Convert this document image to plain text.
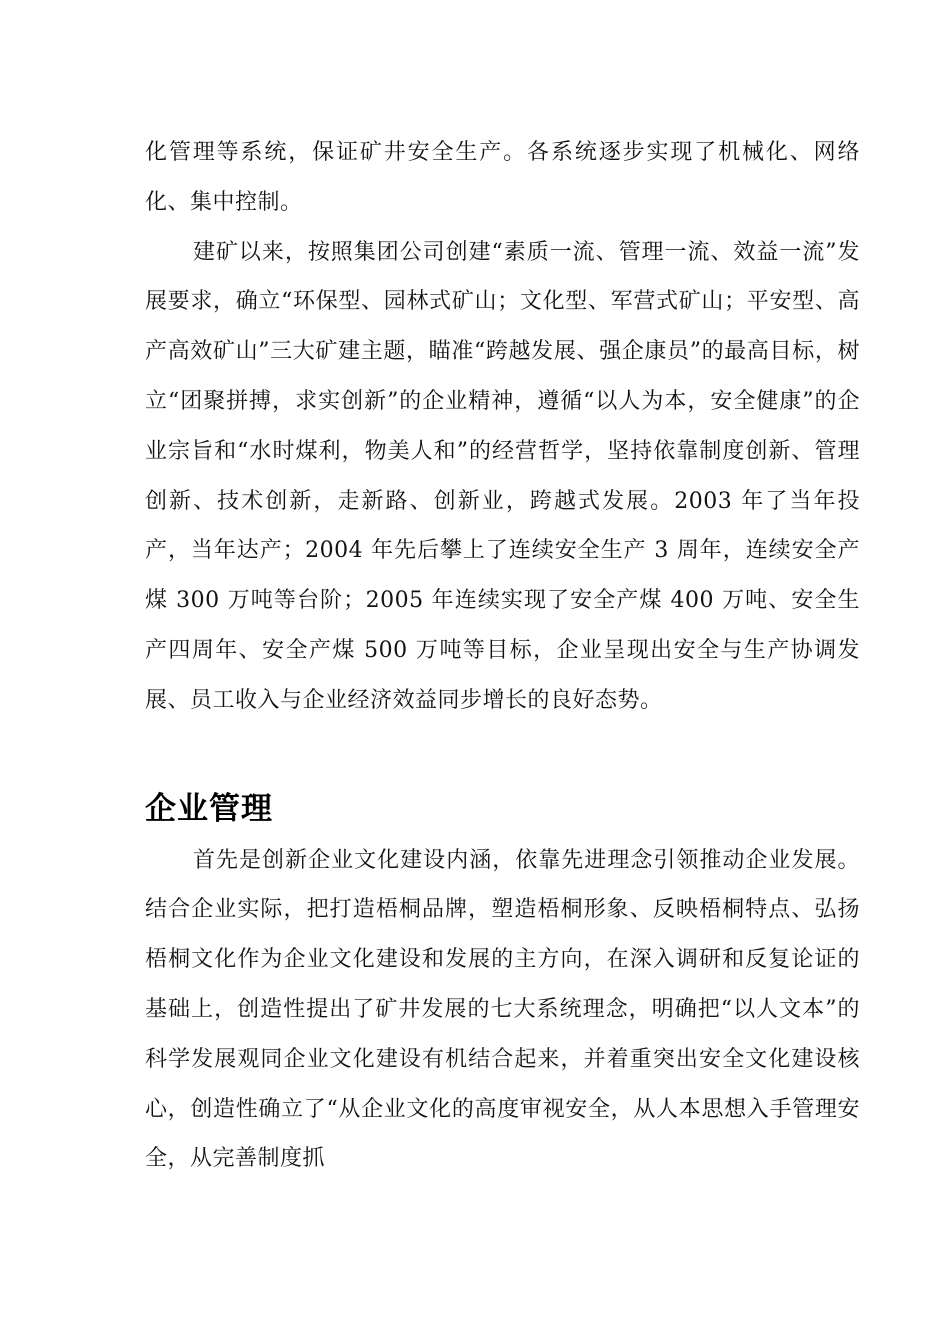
化管理等系统，保证矿井安全生产。各系统逐步实现了机械化、网络化、集中控制。

建矿以来，按照集团公司创建“素质一流、管理一流、效益一流”发展要求，确立“环保型、园林式矿山；文化型、军营式矿山；平安型、高产高效矿山”三大矿建主题，瞄准“跨越发展、强企康员”的最高目标，树立“团聚拼搏，求实创新”的企业精神，遵循“以人为本，安全健康”的企业宗旨和“水时煤利，物美人和”的经营哲学，坚持依靠制度创新、管理创新、技术创新，走新路、创新业，跨越式发展。2003 年了当年投产，当年达产；2004 年先后攀上了连续安全生产 3 周年，连续安全产煤 300 万吨等台阶；2005 年连续实现了安全产煤 400 万吨、安全生产四周年、安全产煤 500 万吨等目标，企业呈现出安全与生产协调发展、员工收入与企业经济效益同步增长的良好态势。

企业管理

首先是创新企业文化建设内涵，依靠先进理念引领推动企业发展。结合企业实际，把打造梧桐品牌，塑造梧桐形象、反映梧桐特点、弘扬梧桐文化作为企业文化建设和发展的主方向，在深入调研和反复论证的基础上，创造性提出了矿井发展的七大系统理念，明确把“以人文本”的科学发展观同企业文化建设有机结合起来，并着重突出安全文化建设核心，创造性确立了“从企业文化的高度审视安全，从人本思想入手管理安全，从完善制度抓
